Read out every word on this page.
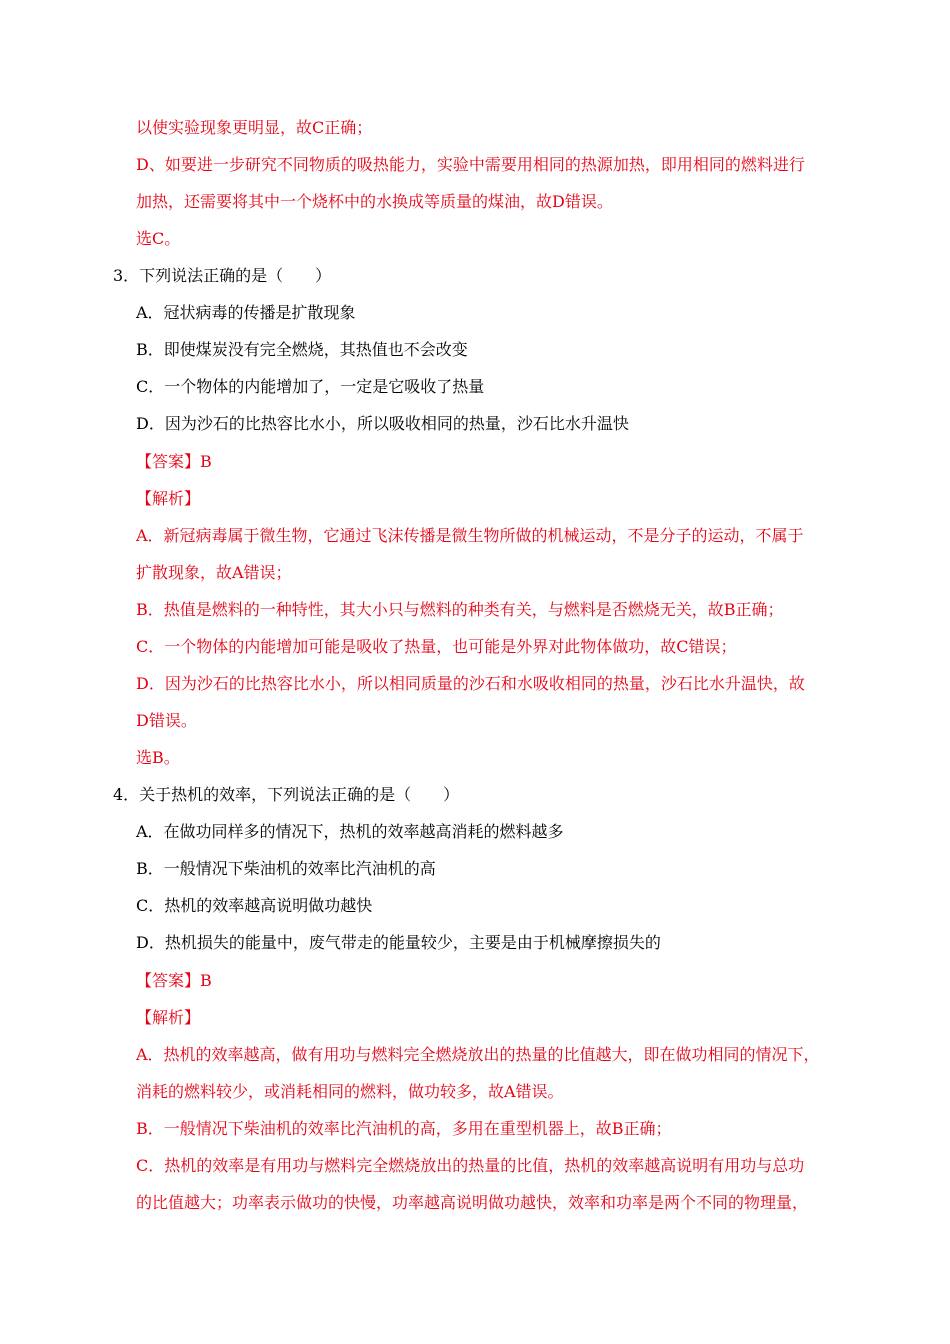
以使实验现象更明显，故C正确；
D、如要进一步研究不同物质的吸热能力，实验中需要用相同的热源加热，即用相同的燃料进行
加热，还需要将其中一个烧杯中的水换成等质量的煤油，故D错误。
选C。
3．下列说法正确的是（　　）
A．冠状病毒的传播是扩散现象
B．即使煤炭没有完全燃烧，其热值也不会改变
C．一个物体的内能增加了，一定是它吸收了热量
D．因为沙石的比热容比水小，所以吸收相同的热量，沙石比水升温快
【答案】B
【解析】
A．新冠病毒属于微生物，它通过飞沫传播是微生物所做的机械运动，不是分子的运动，不属于
扩散现象，故A错误；
B．热值是燃料的一种特性，其大小只与燃料的种类有关，与燃料是否燃烧无关，故B正确；
C．一个物体的内能增加可能是吸收了热量，也可能是外界对此物体做功，故C错误；
D．因为沙石的比热容比水小，所以相同质量的沙石和水吸收相同的热量，沙石比水升温快，故
D错误。
选B。
4．关于热机的效率，下列说法正确的是（　　）
A．在做功同样多的情况下，热机的效率越高消耗的燃料越多
B．一般情况下柴油机的效率比汽油机的高
C．热机的效率越高说明做功越快
D．热机损失的能量中，废气带走的能量较少，主要是由于机械摩擦损失的
【答案】B
【解析】
A．热机的效率越高，做有用功与燃料完全燃烧放出的热量的比值越大，即在做功相同的情况下，
消耗的燃料较少，或消耗相同的燃料，做功较多，故A错误。
B．一般情况下柴油机的效率比汽油机的高，多用在重型机器上，故B正确；
C．热机的效率是有用功与燃料完全燃烧放出的热量的比值，热机的效率越高说明有用功与总功
的比值越大；功率表示做功的快慢，功率越高说明做功越快，效率和功率是两个不同的物理量，
